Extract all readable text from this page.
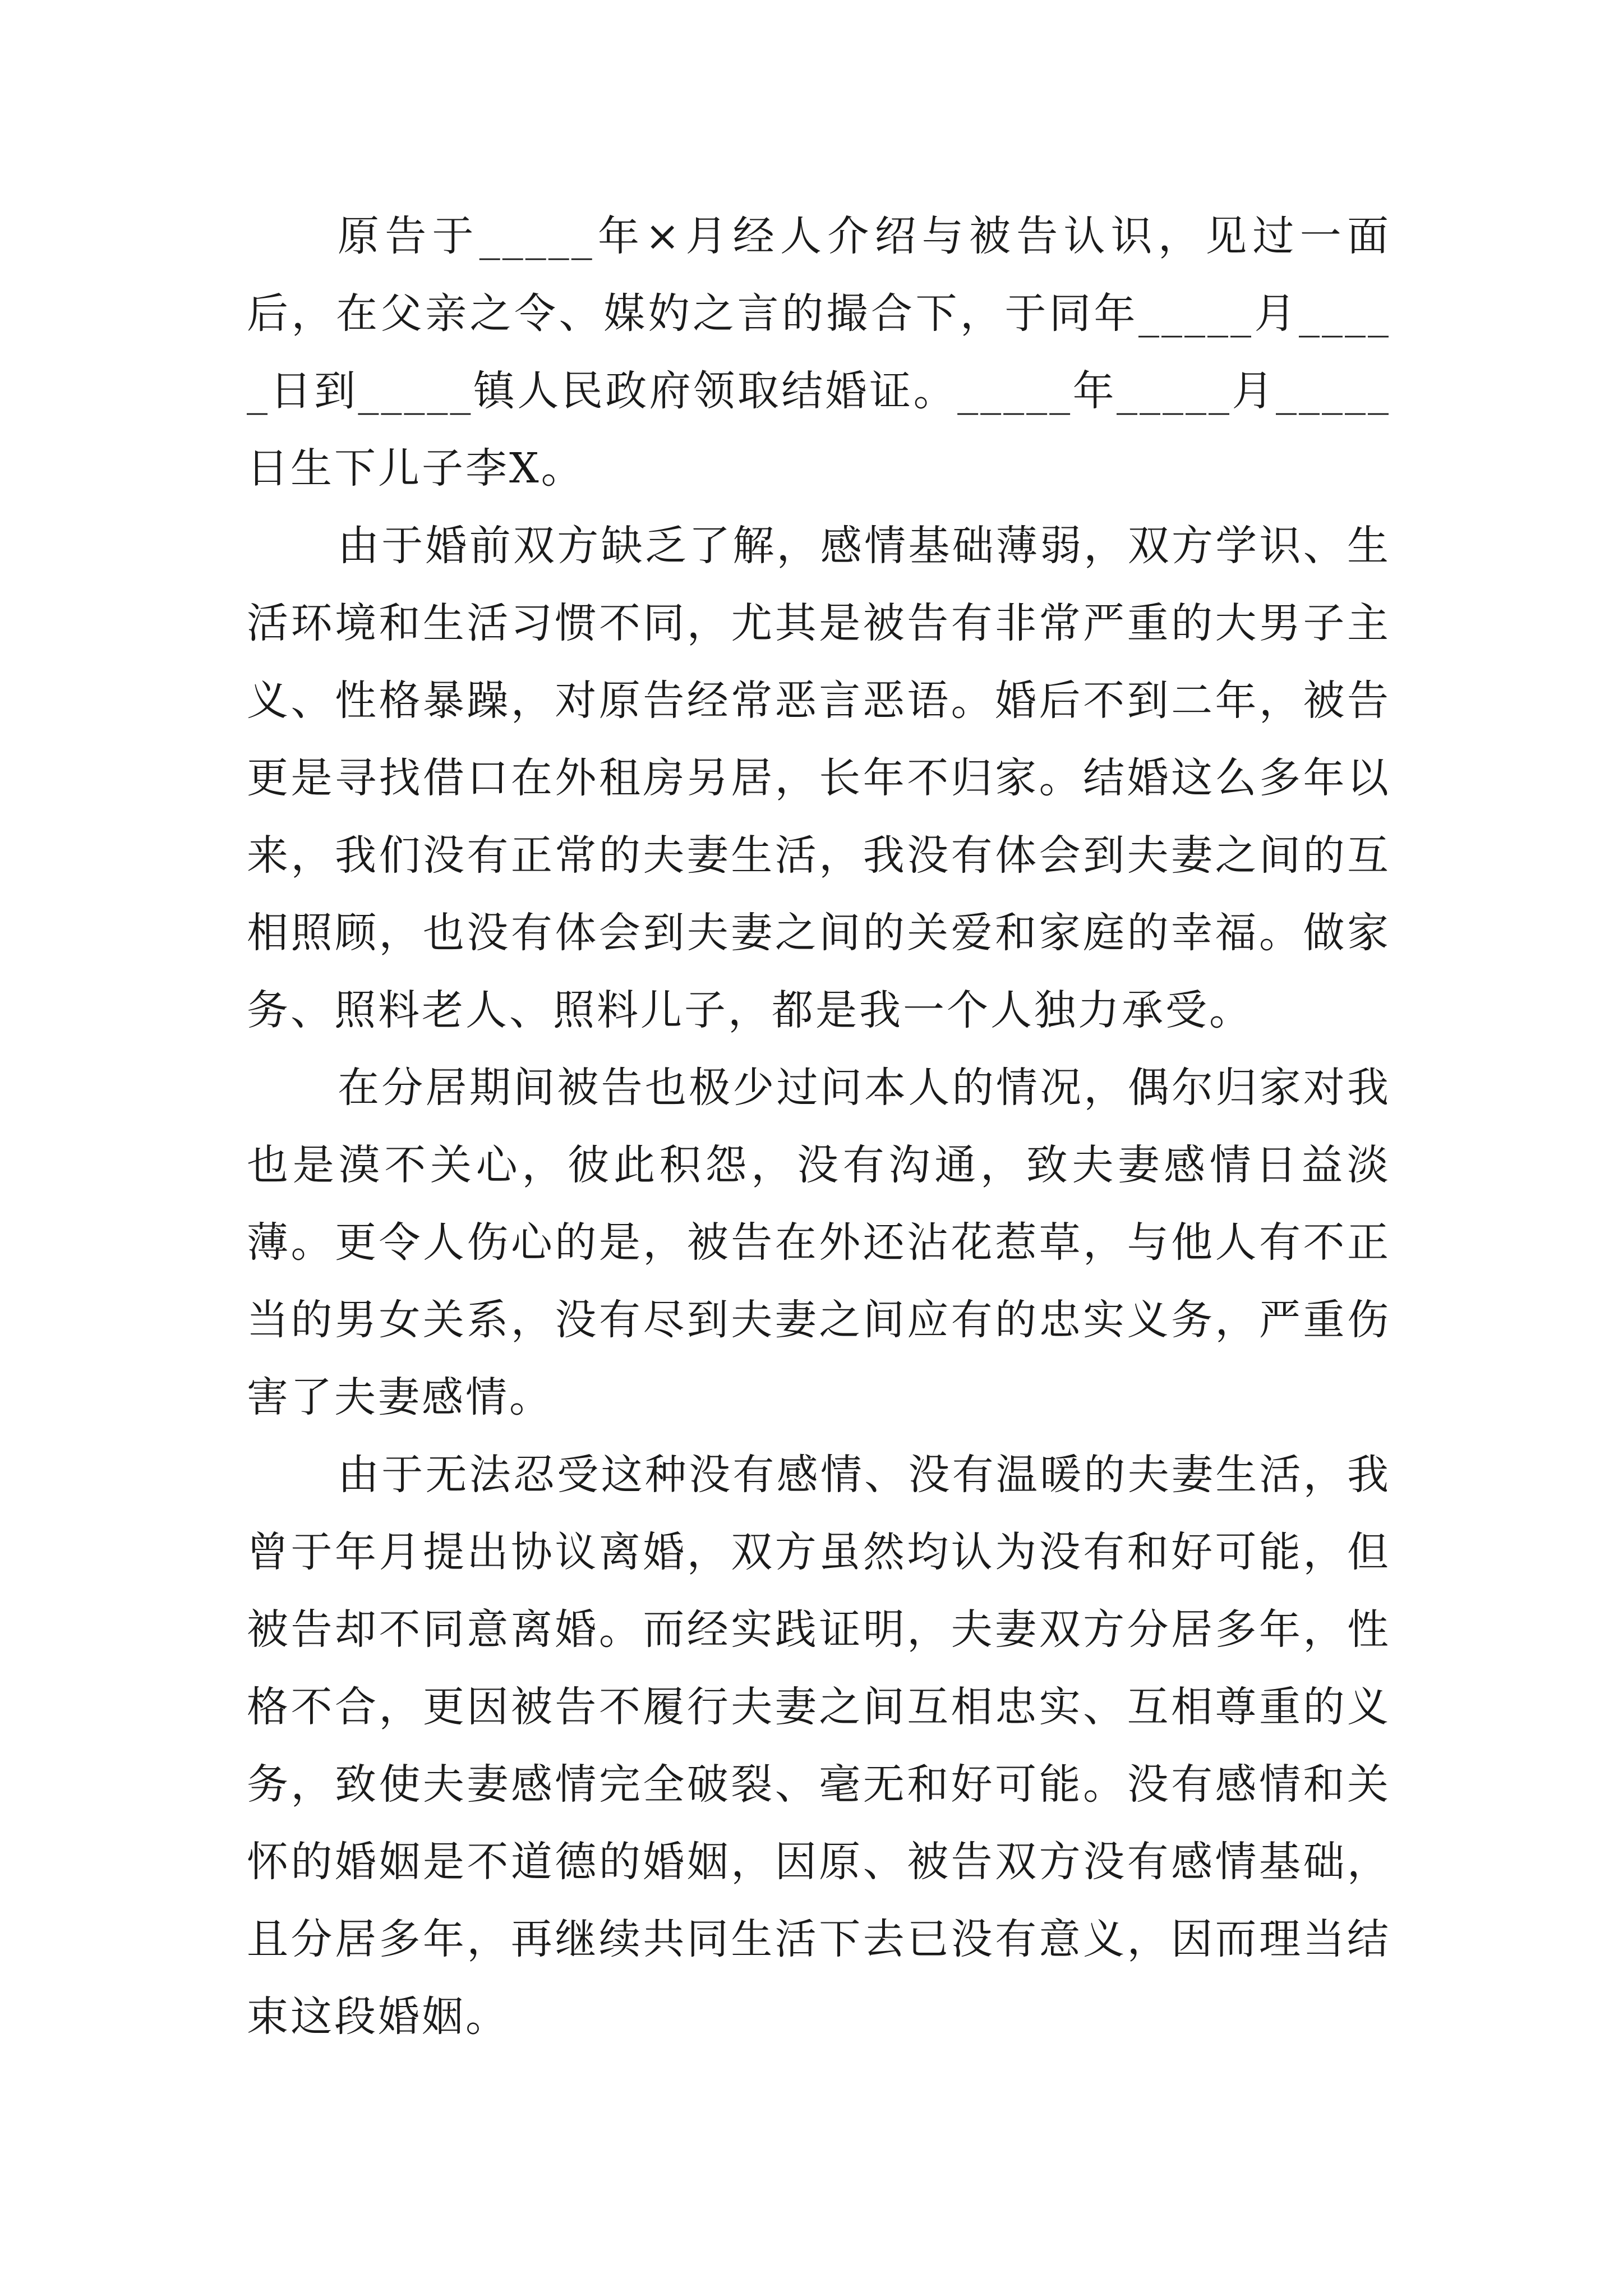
原告于_____年×月经人介绍与被告认识，见过一面后，在父亲之令、媒妁之言的撮合下，于同年_____月_____日到_____镇人民政府领取结婚证。_____年_____月_____日生下儿子李X。

由于婚前双方缺乏了解，感情基础薄弱，双方学识、生活环境和生活习惯不同，尤其是被告有非常严重的大男子主义、性格暴躁，对原告经常恶言恶语。婚后不到二年，被告更是寻找借口在外租房另居，长年不归家。结婚这么多年以来，我们没有正常的夫妻生活，我没有体会到夫妻之间的互相照顾，也没有体会到夫妻之间的关爱和家庭的幸福。做家务、照料老人、照料儿子，都是我一个人独力承受。

在分居期间被告也极少过问本人的情况，偶尔归家对我也是漠不关心，彼此积怨，没有沟通，致夫妻感情日益淡薄。更令人伤心的是，被告在外还沾花惹草，与他人有不正当的男女关系，没有尽到夫妻之间应有的忠实义务，严重伤害了夫妻感情。

由于无法忍受这种没有感情、没有温暖的夫妻生活，我曾于年月提出协议离婚，双方虽然均认为没有和好可能，但被告却不同意离婚。而经实践证明，夫妻双方分居多年，性格不合，更因被告不履行夫妻之间互相忠实、互相尊重的义务，致使夫妻感情完全破裂、毫无和好可能。没有感情和关怀的婚姻是不道德的婚姻，因原、被告双方没有感情基础，且分居多年，再继续共同生活下去已没有意义，因而理当结束这段婚姻。
